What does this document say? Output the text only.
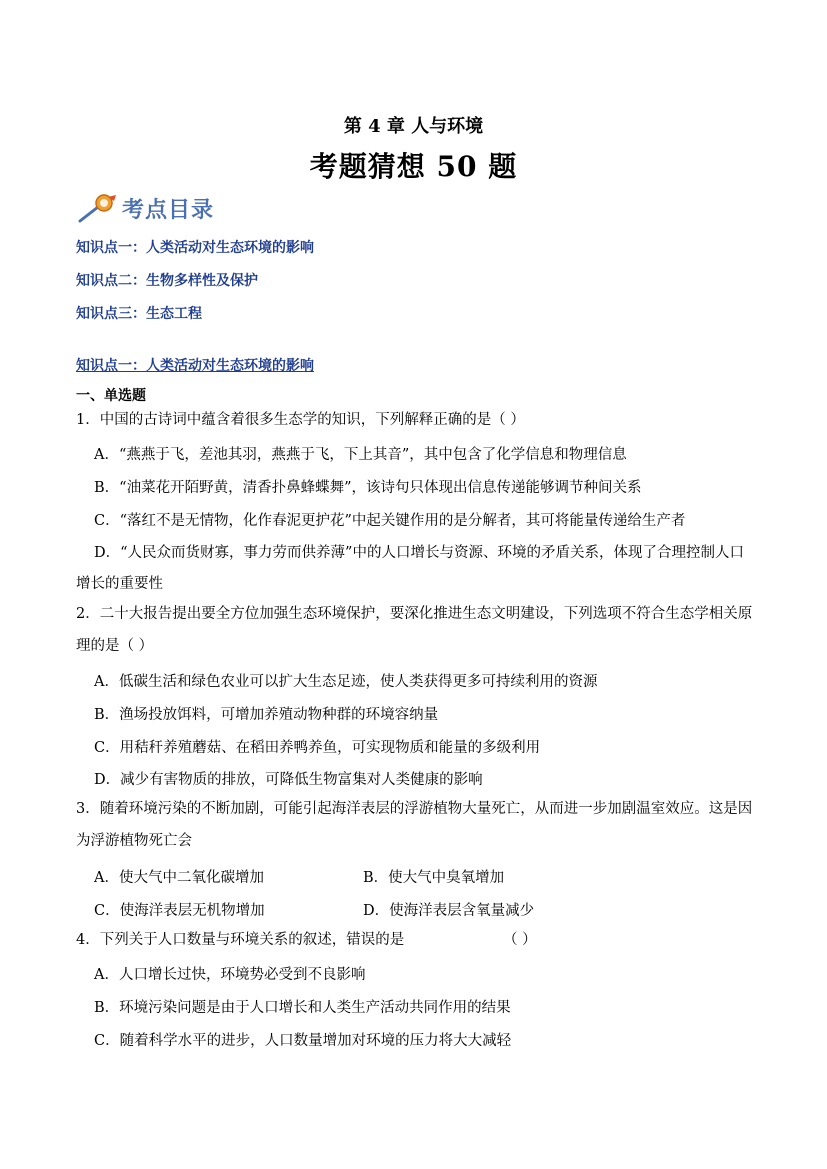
第 4 章 人与环境
考题猜想 50 题
考点目录
知识点一：人类活动对生态环境的影响
知识点二：生物多样性及保护
知识点三：生态工程
知识点一：人类活动对生态环境的影响
一、单选题
1．中国的古诗词中蕴含着很多生态学的知识，下列解释正确的是（ ）
A．“燕燕于飞，差池其羽，燕燕于飞，下上其音”，其中包含了化学信息和物理信息
B．“油菜花开陌野黄，清香扑鼻蜂蝶舞”，该诗句只体现出信息传递能够调节种间关系
C．“落红不是无情物，化作春泥更护花”中起关键作用的是分解者，其可将能量传递给生产者
D．“人民众而货财寡，事力劳而供养薄”中的人口增长与资源、环境的矛盾关系，体现了合理控制人口
增长的重要性
2．二十大报告提出要全方位加强生态环境保护，要深化推进生态文明建设，下列选项不符合生态学相关原
理的是（ ）
A．低碳生活和绿色农业可以扩大生态足迹，使人类获得更多可持续利用的资源
B．渔场投放饵料，可增加养殖动物种群的环境容纳量
C．用秸秆养殖蘑菇、在稻田养鸭养鱼，可实现物质和能量的多级利用
D．减少有害物质的排放，可降低生物富集对人类健康的影响
3．随着环境污染的不断加剧，可能引起海洋表层的浮游植物大量死亡，从而进一步加剧温室效应。这是因
为浮游植物死亡会
A．使大气中二氧化碳增加	B．使大气中臭氧增加
C．使海洋表层无机物增加	D．使海洋表层含氧量减少
4．下列关于人口数量与环境关系的叙述，错误的是	（ ）
A．人口增长过快，环境势必受到不良影响
B．环境污染问题是由于人口增长和人类生产活动共同作用的结果
C．随着科学水平的进步，人口数量增加对环境的压力将大大减轻
